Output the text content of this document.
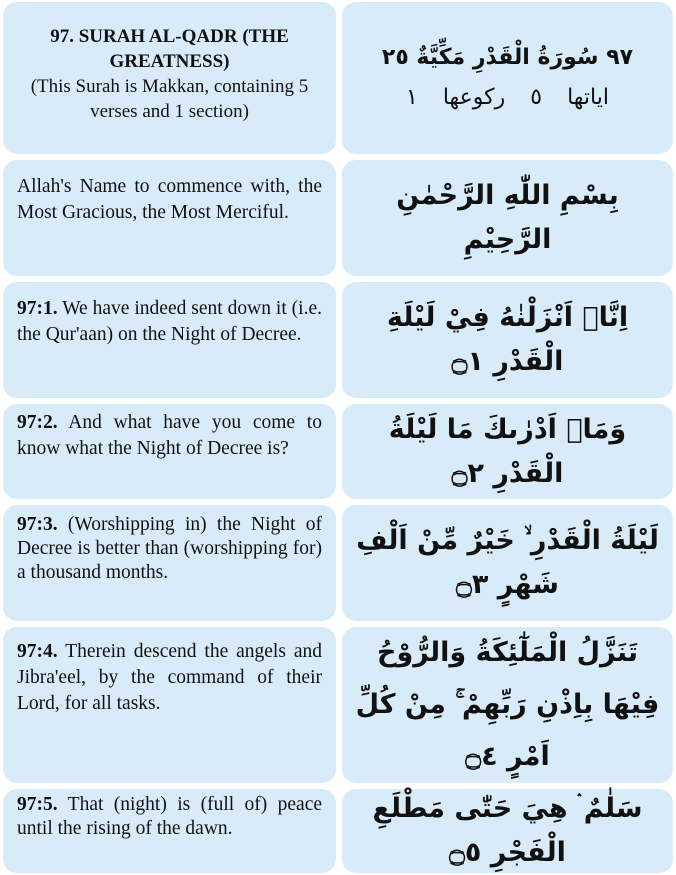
97. SURAH AL-QADR (THE GREATNESS)
(This Surah is Makkan, containing 5 verses and 1 section)
٩٧ سُورَةُ الْقَدْرِ مَكِّيَّةٌ ٢٥
اياتها ٥ ركوعها ١
Allah's Name to commence with, the Most Gracious, the Most Merciful.
بِسْمِ اللّٰهِ الرَّحْمٰنِ الرَّحِيْمِ
97:1. We have indeed sent down it (i.e. the Qur'aan) on the Night of Decree.
اِنَّاۤ اَنْزَلْنٰهُ فِيْ لَيْلَةِ الْقَدْرِ ۝١
97:2. And what have you come to know what the Night of Decree is?
وَمَاۤ اَدْرٰىكَ مَا لَيْلَةُ الْقَدْرِ ۝٢
97:3. (Worshipping in) the Night of Decree is better than (worshipping for) a thousand months.
لَيْلَةُ الْقَدْرِ ۙ خَيْرٌ مِّنْ اَلْفِ شَهْرٍ ۝٣
97:4. Therein descend the angels and Jibra'eel, by the command of their Lord, for all tasks.
تَنَزَّلُ الْمَلٰٓئِكَةُ وَالرُّوْحُ فِيْهَا بِاِذْنِ رَبِّهِمْ ۚ مِنْ كُلِّ اَمْرٍ ۝٤
97:5. That (night) is (full of) peace until the rising of the dawn.
سَلٰمٌ ۛ هِيَ حَتّٰى مَطْلَعِ الْفَجْرِ ۝٥
